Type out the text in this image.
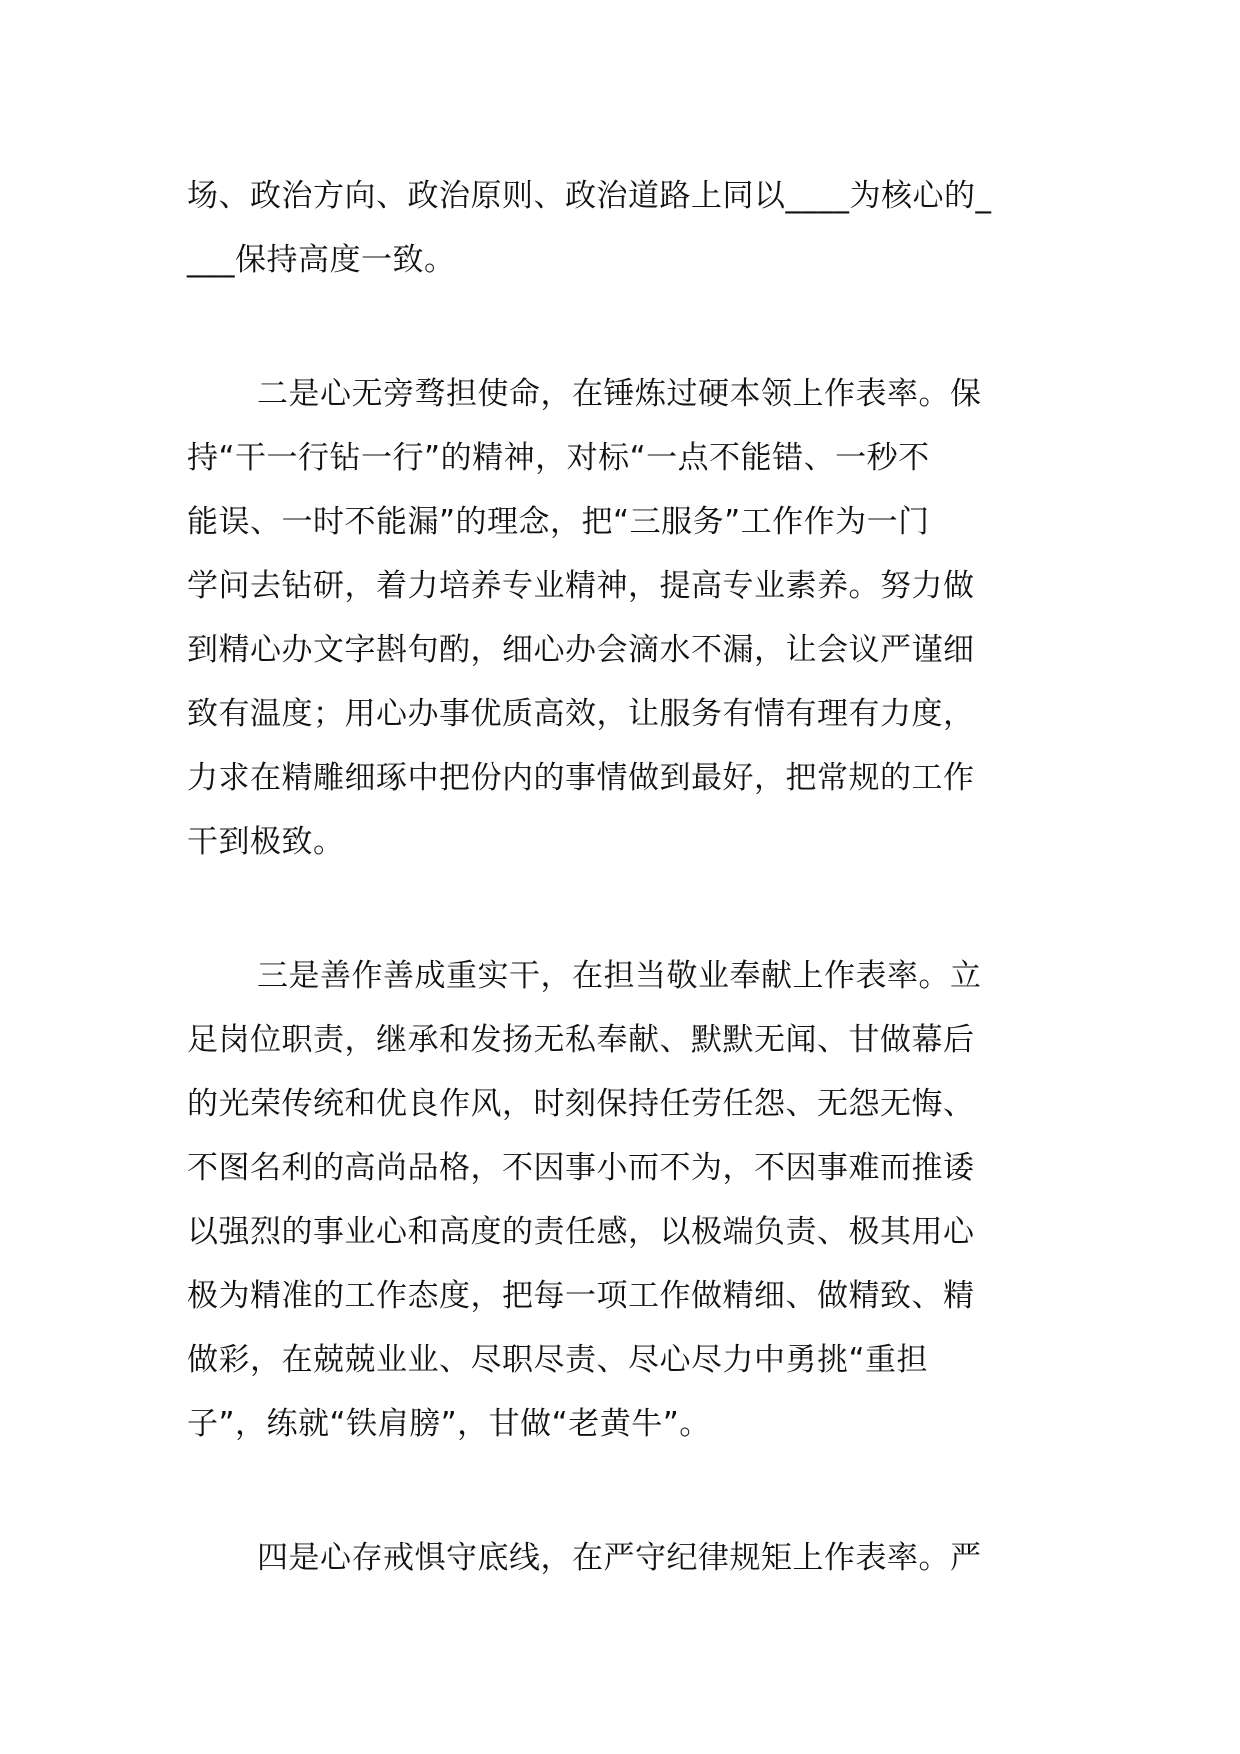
场、政治方向、政治原则、政治道路上同以____为核心的_
___保持高度一致。
二是心无旁骛担使命，在锤炼过硬本领上作表率。保
持“干一行钻一行”的精神，对标“一点不能错、一秒不
能误、一时不能漏”的理念，把“三服务”工作作为一门
学问去钻研，着力培养专业精神，提高专业素养。努力做
到精心办文字斟句酌，细心办会滴水不漏，让会议严谨细
致有温度；用心办事优质高效，让服务有情有理有力度，
力求在精雕细琢中把份内的事情做到最好，把常规的工作
干到极致。
三是善作善成重实干，在担当敬业奉献上作表率。立
足岗位职责，继承和发扬无私奉献、默默无闻、甘做幕后
的光荣传统和优良作风，时刻保持任劳任怨、无怨无悔、
不图名利的高尚品格，不因事小而不为，不因事难而推诿
以强烈的事业心和高度的责任感，以极端负责、极其用心
极为精准的工作态度，把每一项工作做精细、做精致、精
做彩，在兢兢业业、尽职尽责、尽心尽力中勇挑“重担
子”，练就“铁肩膀”，甘做“老黄牛”。
四是心存戒惧守底线，在严守纪律规矩上作表率。严
